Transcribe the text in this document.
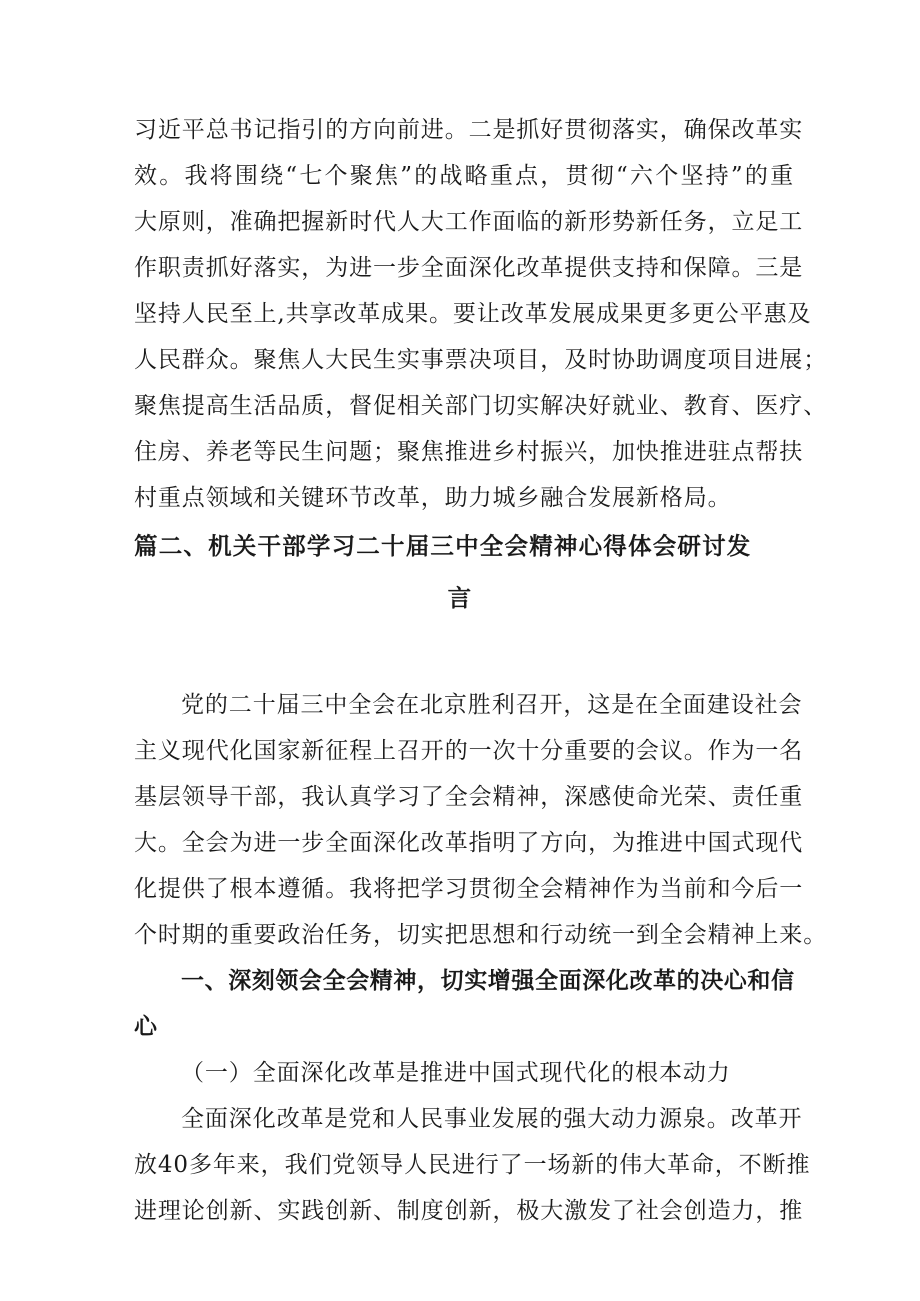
习近平总书记指引的方向前进。二是抓好贯彻落实，确保改革实
效。我将围绕“七个聚焦”的战略重点，贯彻“六个坚持”的重
大原则，准确把握新时代人大工作面临的新形势新任务，立足工
作职责抓好落实，为进一步全面深化改革提供支持和保障。三是
坚持人民至上,共享改革成果。要让改革发展成果更多更公平惠及
人民群众。聚焦人大民生实事票决项目，及时协助调度项目进展；
聚焦提高生活品质，督促相关部门切实解决好就业、教育、医疗、
住房、养老等民生问题；聚焦推进乡村振兴，加快推进驻点帮扶
村重点领域和关键环节改革，助力城乡融合发展新格局。
篇二、机关干部学习二十届三中全会精神心得体会研讨发
言
党的二十届三中全会在北京胜利召开，这是在全面建设社会
主义现代化国家新征程上召开的一次十分重要的会议。作为一名
基层领导干部，我认真学习了全会精神，深感使命光荣、责任重
大。全会为进一步全面深化改革指明了方向，为推进中国式现代
化提供了根本遵循。我将把学习贯彻全会精神作为当前和今后一
个时期的重要政治任务，切实把思想和行动统一到全会精神上来。
一、深刻领会全会精神，切实增强全面深化改革的决心和信
心
（一）全面深化改革是推进中国式现代化的根本动力
全面深化改革是党和人民事业发展的强大动力源泉。改革开
放40多年来，我们党领导人民进行了一场新的伟大革命，不断推
进理论创新、实践创新、制度创新，极大激发了社会创造力，推
